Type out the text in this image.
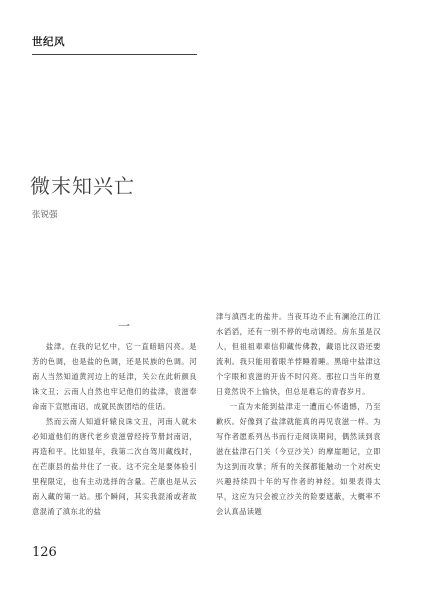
世纪风
微末知兴亡
张锐强
一

盐津。在我的记忆中，它一直暗暗闪亮。是芳的色调，也是盐的色调，还是民族的色调。河南人当然知道黄河边上的延津，关公在此斩颜良诛文丑；云南人自然也牢记他们的盐津，袁滋奉命南下宣慰南诏，成就民族团结的佳话。

然而云南人知道轩辕良诛文丑，河南人就未必知道他们的唐代老乡袁滋曾经持节册封南诏，再造和平。比如显年，我第二次自驾川藏线时，在芒康县的盐井住了一夜。这不完全是要体验引里程限定，也有主动选择的含量。芒康也是从云南入藏的第一站。那个瞬间，其实我混淆或者故意混淆了滇东北的盐

津与滇西北的盐井。当夜耳边不止有澜沧江的江水滔滔，还有一别不停的电动调经。房东虽是汉人，但祖祖辈辈信仰藏传佛教，藏语比汉语还要流利。我只能用着眼羊悖睡着睡。黑暗中盐津这个字眼和袁滋的开齿不时闪亮。那拉口当年的夏日竟然说不上愉快，但总是难忘的青春岁月。

一直为未能到盐津走一遭而心怀遗憾，乃至歉疚。好像到了盐津就能真的再见袁滋一样。为写作者愿系列丛书而行走阅读期间，偶然读到袁滋在盐津石门关（今豆沙关）的摩崖题记，立即为这到而攻掌；所有的关探都能触动一个对疾史兴趣持续四十年的写作者的神经。如果表得太早，这应为只会被立沙关的险要遮蔽，大概率不会认真品读题

126
